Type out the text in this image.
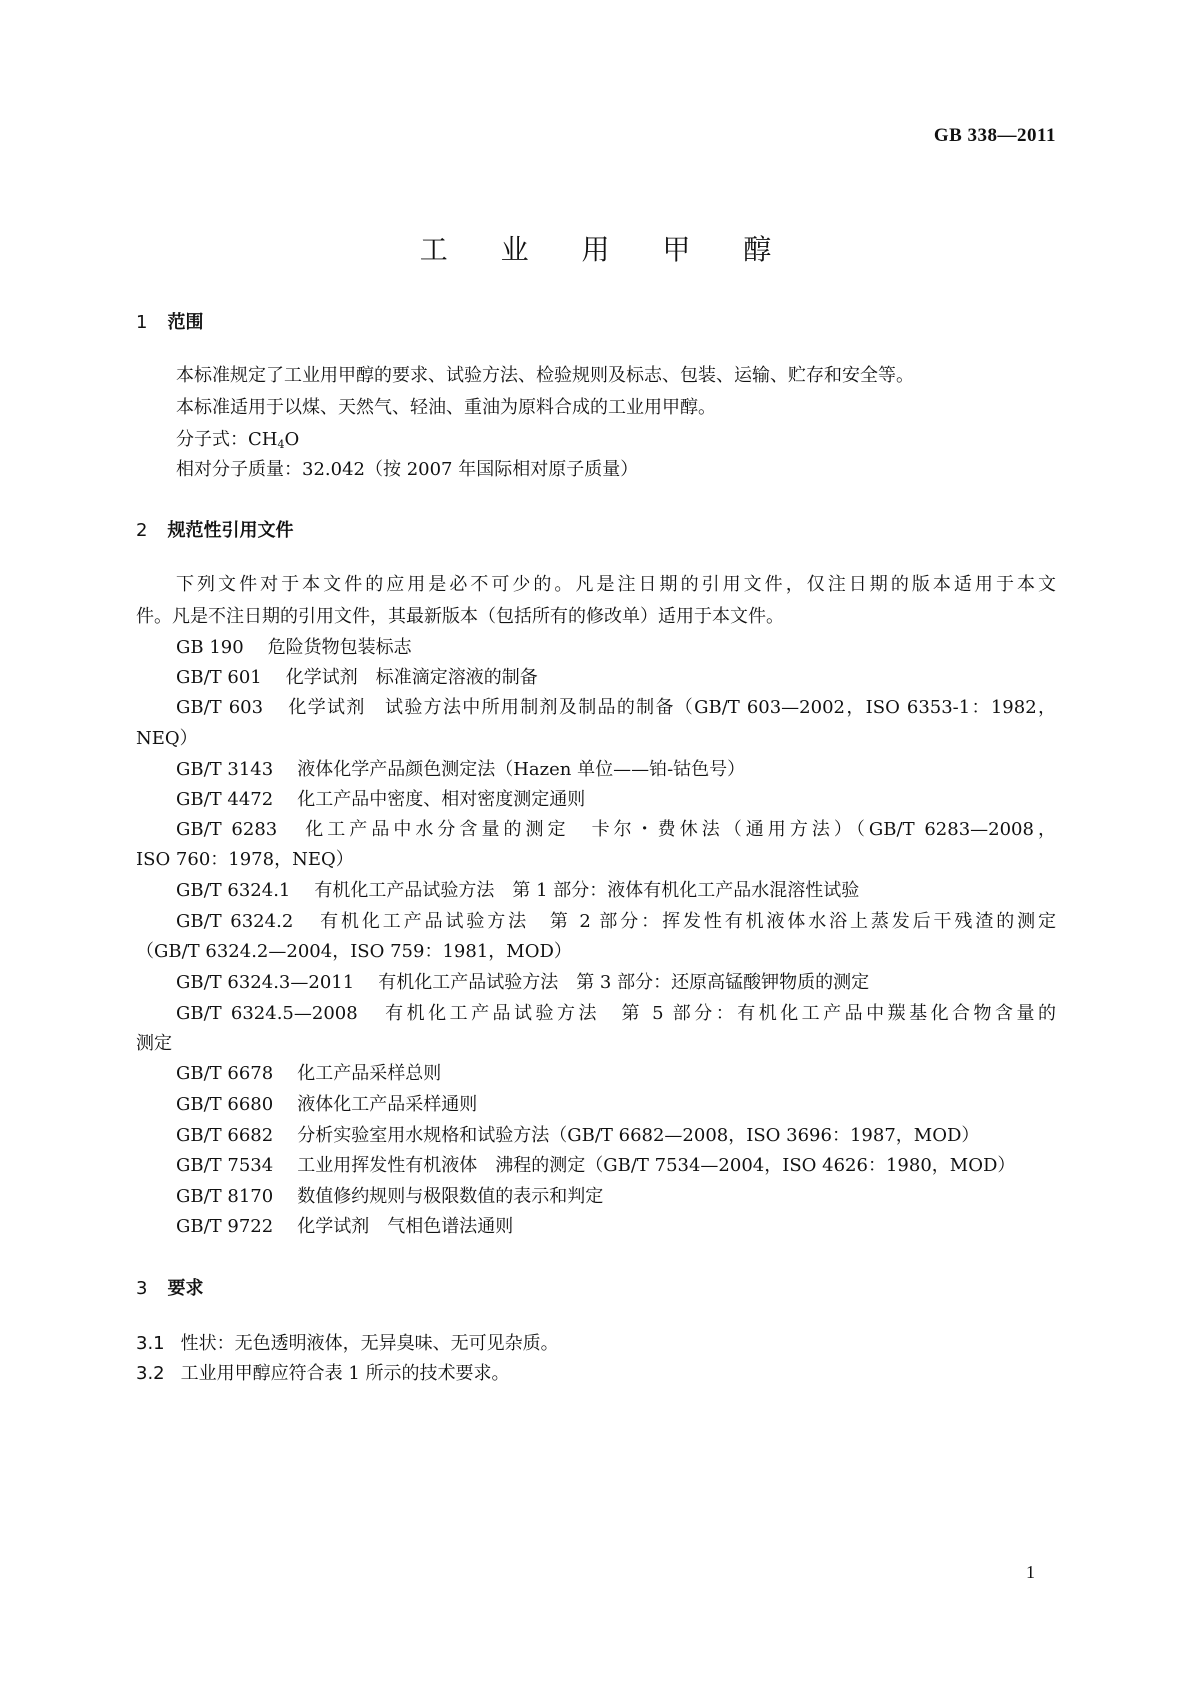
GB 338—2011
工 业 用 甲 醇
1 范围
本标准规定了工业用甲醇的要求、试验方法、检验规则及标志、包装、运输、贮存和安全等。
本标准适用于以煤、天然气、轻油、重油为原料合成的工业用甲醇。
分子式：$CH_4O$
相对分子质量：32.042（按 2007 年国际相对原子质量）
2 规范性引用文件
下列文件对于本文件的应用是必不可少的。凡是注日期的引用文件，仅注日期的版本适用于本文
件。凡是不注日期的引用文件，其最新版本（包括所有的修改单）适用于本文件。
GB 190 危险货物包装标志
GB/T 601 化学试剂　标准滴定溶液的制备
GB/T 603 化学试剂　试验方法中所用制剂及制品的制备（GB/T 603—2002，ISO 6353-1：1982，
NEQ）
GB/T 3143 液体化学产品颜色测定法（Hazen 单位——铂-钴色号）
GB/T 4472 化工产品中密度、相对密度测定通则
GB/T 6283 化工产品中水分含量的测定　卡尔・费休法（通用方法）（GB/T 6283—2008，
ISO 760：1978，NEQ）
GB/T 6324.1 有机化工产品试验方法　第 1 部分：液体有机化工产品水混溶性试验
GB/T 6324.2 有机化工产品试验方法　第 2 部分：挥发性有机液体水浴上蒸发后干残渣的测定
（GB/T 6324.2—2004，ISO 759：1981，MOD）
GB/T 6324.3—2011 有机化工产品试验方法　第 3 部分：还原高锰酸钾物质的测定
GB/T 6324.5—2008 有机化工产品试验方法　第 5 部分：有机化工产品中羰基化合物含量的
测定
GB/T 6678 化工产品采样总则
GB/T 6680 液体化工产品采样通则
GB/T 6682 分析实验室用水规格和试验方法（GB/T 6682—2008，ISO 3696：1987，MOD）
GB/T 7534 工业用挥发性有机液体　沸程的测定（GB/T 7534—2004，ISO 4626：1980，MOD）
GB/T 8170 数值修约规则与极限数值的表示和判定
GB/T 9722 化学试剂　气相色谱法通则
3 要求
3.1 性状：无色透明液体，无异臭味、无可见杂质。
3.2 工业用甲醇应符合表 1 所示的技术要求。
1
